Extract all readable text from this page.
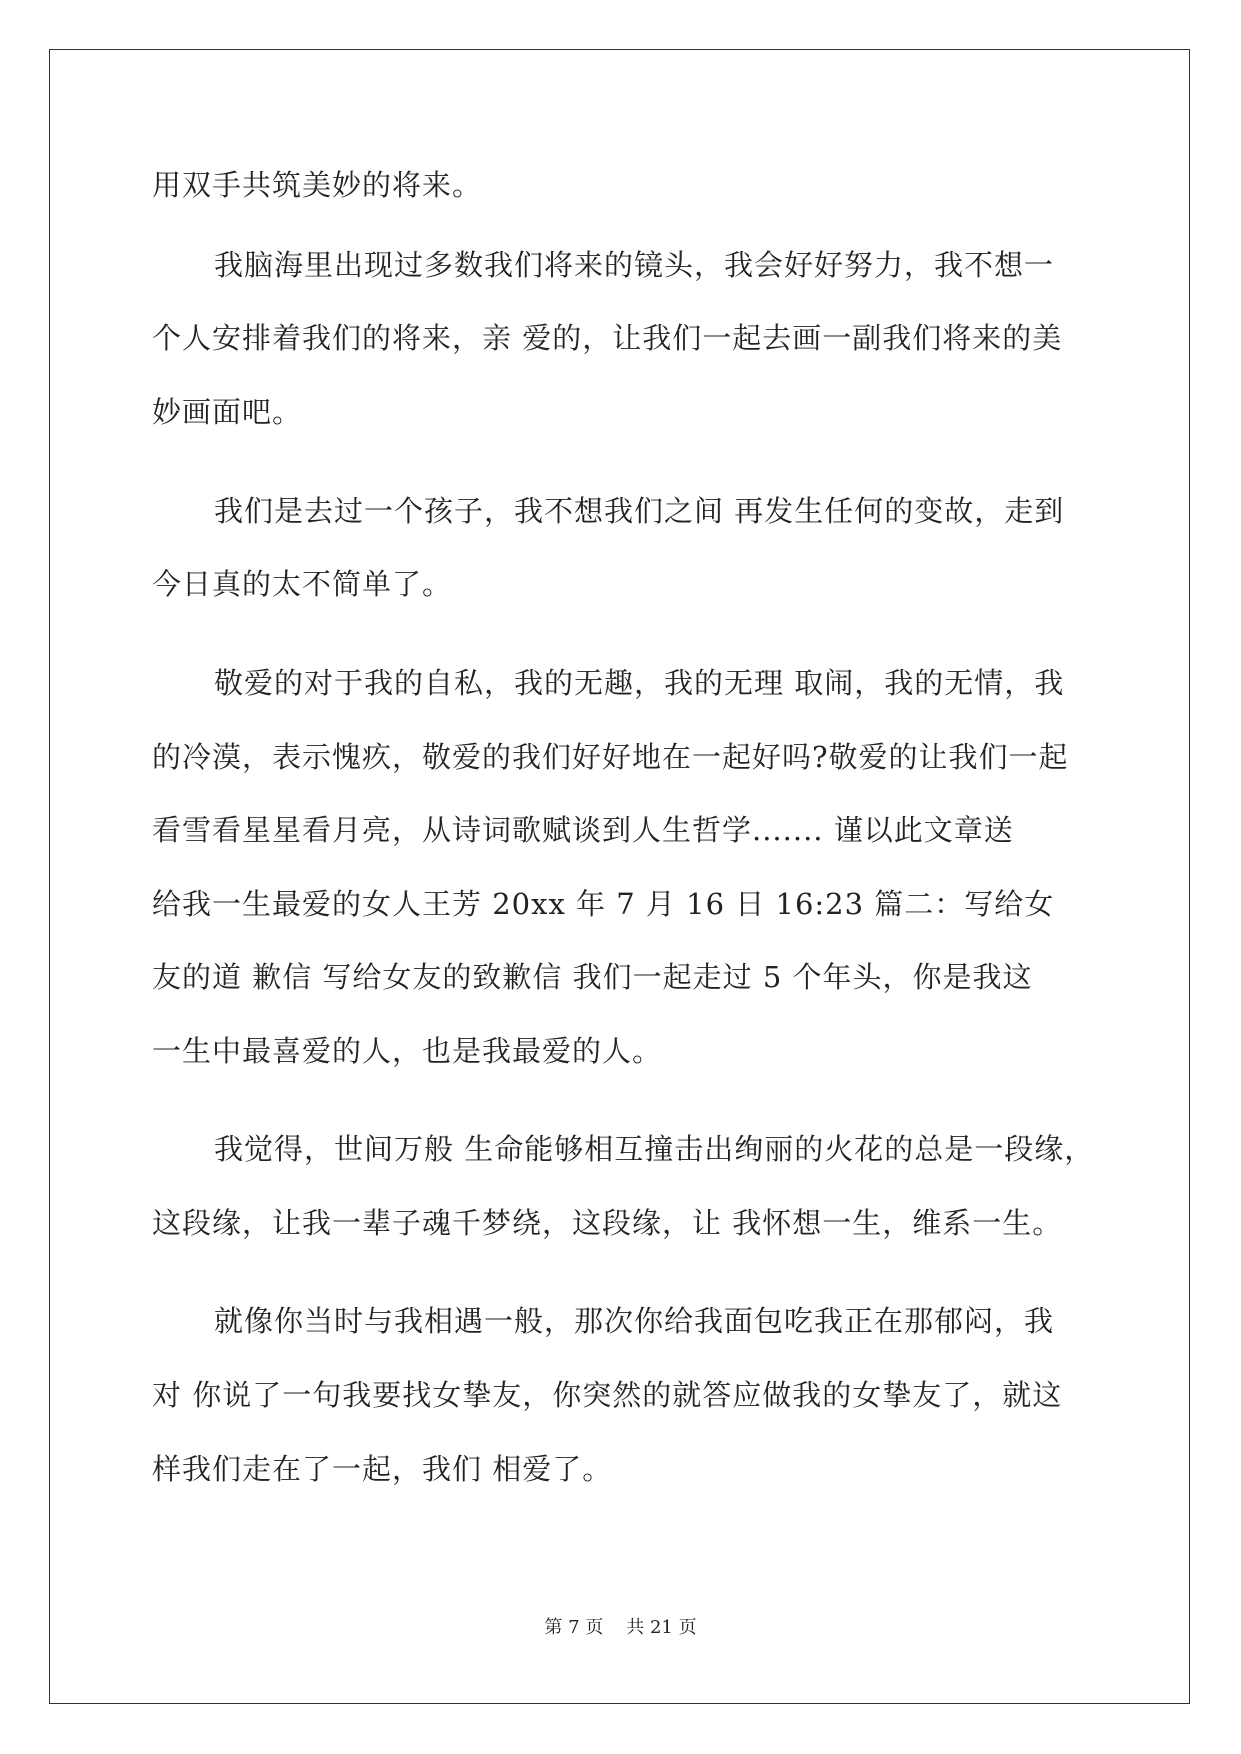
用双手共筑美妙的将来。
我脑海里出现过多数我们将来的镜头，我会好好努力，我不想一
个人安排着我们的将来，亲 爱的，让我们一起去画一副我们将来的美
妙画面吧。
我们是去过一个孩子，我不想我们之间 再发生任何的变故，走到
今日真的太不简单了。
敬爱的对于我的自私，我的无趣，我的无理 取闹，我的无情，我
的冷漠，表示愧疚，敬爱的我们好好地在一起好吗?敬爱的让我们一起
看雪看星星看月亮，从诗词歌赋谈到人生哲学....... 谨以此文章送
给我一生最爱的女人王芳 20xx 年 7 月 16 日 16:23 篇二：写给女
友的道 歉信 写给女友的致歉信 我们一起走过 5 个年头，你是我这
一生中最喜爱的人，也是我最爱的人。
我觉得，世间万般 生命能够相互撞击出绚丽的火花的总是一段缘，
这段缘，让我一辈子魂千梦绕，这段缘，让 我怀想一生，维系一生。
就像你当时与我相遇一般，那次你给我面包吃我正在那郁闷，我
对 你说了一句我要找女挚友，你突然的就答应做我的女挚友了，就这
样我们走在了一起，我们 相爱了。
第 7 页 共 21 页
